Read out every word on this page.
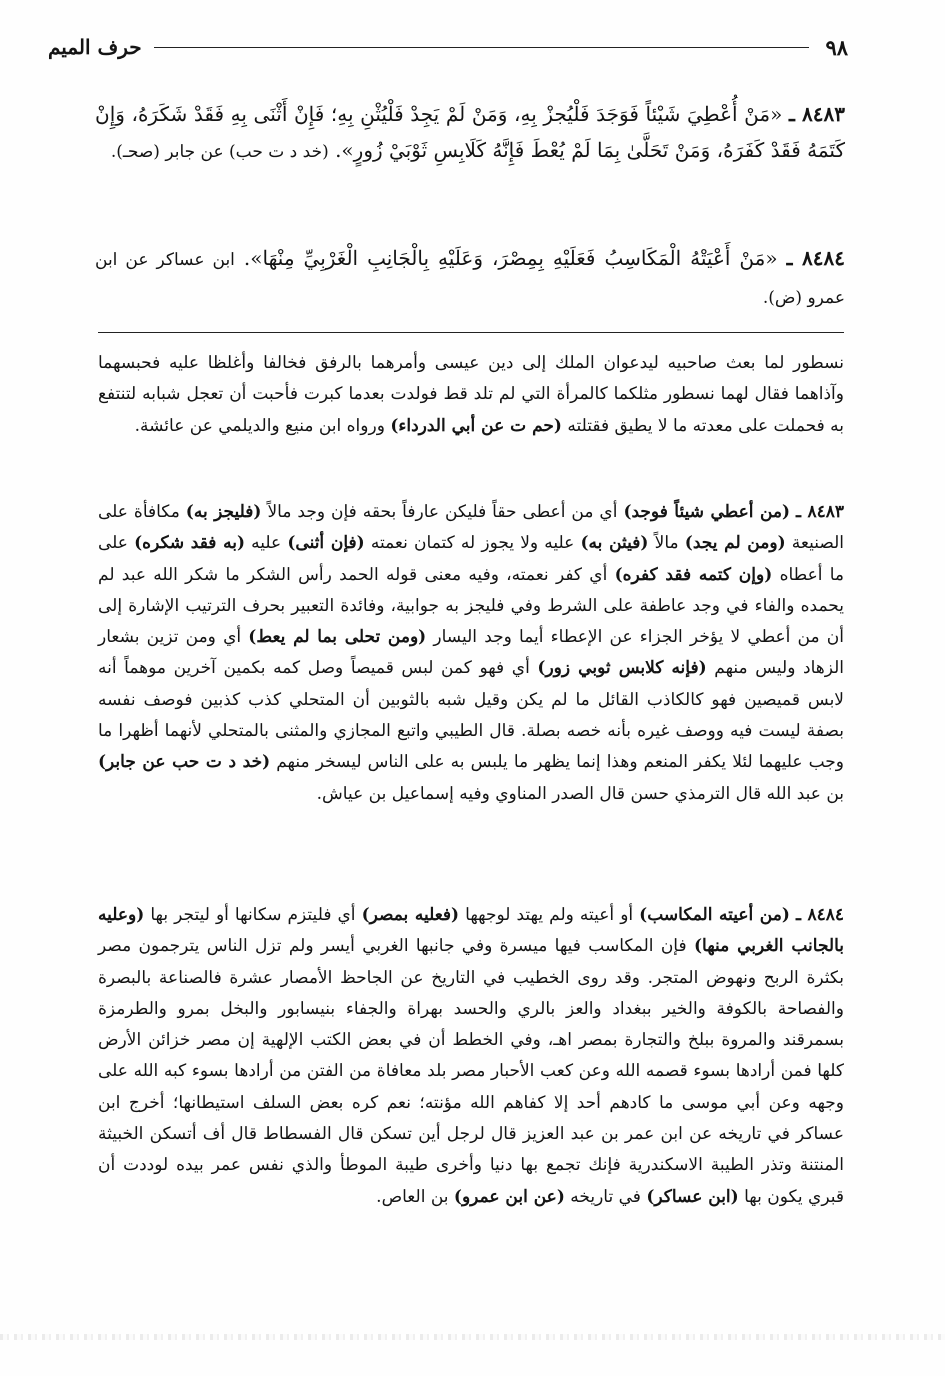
٩٨
حرف الميم
٨٤٨٣ ـ «مَنْ أُعْطِيَ شَيْئاً فَوَجَدَ فَلْيُجزْ بِهِ، وَمَنْ لَمْ يَجِدْ فَلْيُثْنِ بِهِ؛ فَإِنْ أَثْنَى بِهِ فَقَدْ شَكَرَهُ، وَإِنْ كَتَمَهُ فَقَدْ كَفَرَهُ، وَمَنْ تَحَلَّىٰ بِمَا لَمْ يُعْطَ فَإِنَّهُ كَلَابِسِ ثَوْبَيْ زُورٍ». (خد د ت حب) عن جابر (صحـ).
٨٤٨٤ ـ «مَنْ أَعْيَتْهُ الْمَكَاسِبُ فَعَلَيْهِ بِمِصْرَ، وَعَلَيْهِ بِالْجَانِبِ الْغَرْبِيِّ مِنْهَا». ابن عساكر عن ابن عمرو (ض).
نسطور لما بعث صاحبيه ليدعوان الملك إلى دين عيسى وأمرهما بالرفق فخالفا وأغلظا عليه فحبسهما وآذاهما فقال لهما نسطور مثلكما كالمرأة التي لم تلد قط فولدت بعدما كبرت فأحبت أن تعجل شبابه لتنتفع به فحملت على معدته ما لا يطيق فقتلته (حم ت عن أبي الدرداء) ورواه ابن منيع والديلمي عن عائشة.
٨٤٨٣ ـ (من أعطي شيئاً فوجد) أي من أعطى حقاً فليكن عارفاً بحقه فإن وجد مالاً (فليجز به) مكافأة على الصنيعة (ومن لم يجد) مالاً (فيثن به) عليه ولا يجوز له كتمان نعمته (فإن أثنى) عليه (به فقد شكره) على ما أعطاه (وإن كتمه فقد كفره) أي كفر نعمته، وفيه معنى قوله الحمد رأس الشكر ما شكر الله عبد لم يحمده والفاء في وجد عاطفة على الشرط وفي فليجز به جوابية، وفائدة التعبير بحرف الترتيب الإشارة إلى أن من أعطي لا يؤخر الجزاء عن الإعطاء أيما وجد اليسار (ومن تحلى بما لم يعط) أي ومن تزين بشعار الزهاد وليس منهم (فإنه كلابس ثوبي زور) أي فهو كمن لبس قميصاً وصل كمه بكمين آخرين موهماً أنه لابس قميصين فهو كالكاذب القائل ما لم يكن وقيل شبه بالثوبين أن المتحلي كذب كذبين فوصف نفسه بصفة ليست فيه ووصف غيره بأنه خصه بصلة. قال الطيبي واتبع المجازي والمثنى بالمتحلي لأنهما أظهرا ما وجب عليهما لئلا يكفر المنعم وهذا إنما يظهر ما يلبس به على الناس ليسخر منهم (خد د ت حب عن جابر) بن عبد الله قال الترمذي حسن قال الصدر المناوي وفيه إسماعيل بن عياش.
٨٤٨٤ ـ (من أعيته المكاسب) أو أعيته ولم يهتد لوجهها (فعليه بمصر) أي فليتزم سكانها أو ليتجر بها (وعليه بالجانب الغربي منها) فإن المكاسب فيها ميسرة وفي جانبها الغربي أيسر ولم تزل الناس يترجمون مصر بكثرة الربح ونهوض المتجر. وقد روى الخطيب في التاريخ عن الجاحظ الأمصار عشرة فالصناعة بالبصرة والفصاحة بالكوفة والخير ببغداد والعز بالري والحسد بهراة والجفاء بنيسابور والبخل بمرو والطرمزة بسمرقند والمروة ببلخ والتجارة بمصر اهـ، وفي الخطط أن في بعض الكتب الإلهية إن مصر خزائن الأرض كلها فمن أرادها بسوء قصمه الله وعن كعب الأحبار مصر بلد معافاة من الفتن من أرادها بسوء كبه الله على وجهه وعن أبي موسى ما كادهم أحد إلا كفاهم الله مؤنته؛ نعم كره بعض السلف استيطانها؛ أخرج ابن عساكر في تاريخه عن ابن عمر بن عبد العزيز قال لرجل أين تسكن قال الفسطاط قال أف أتسكن الخبيثة المنتنة وتذر الطيبة الاسكندرية فإنك تجمع بها دنيا وأخرى طيبة الموطأ والذي نفس عمر بيده لوددت أن قبري يكون بها (ابن عساكر) في تاريخه (عن ابن عمرو) بن العاص.
